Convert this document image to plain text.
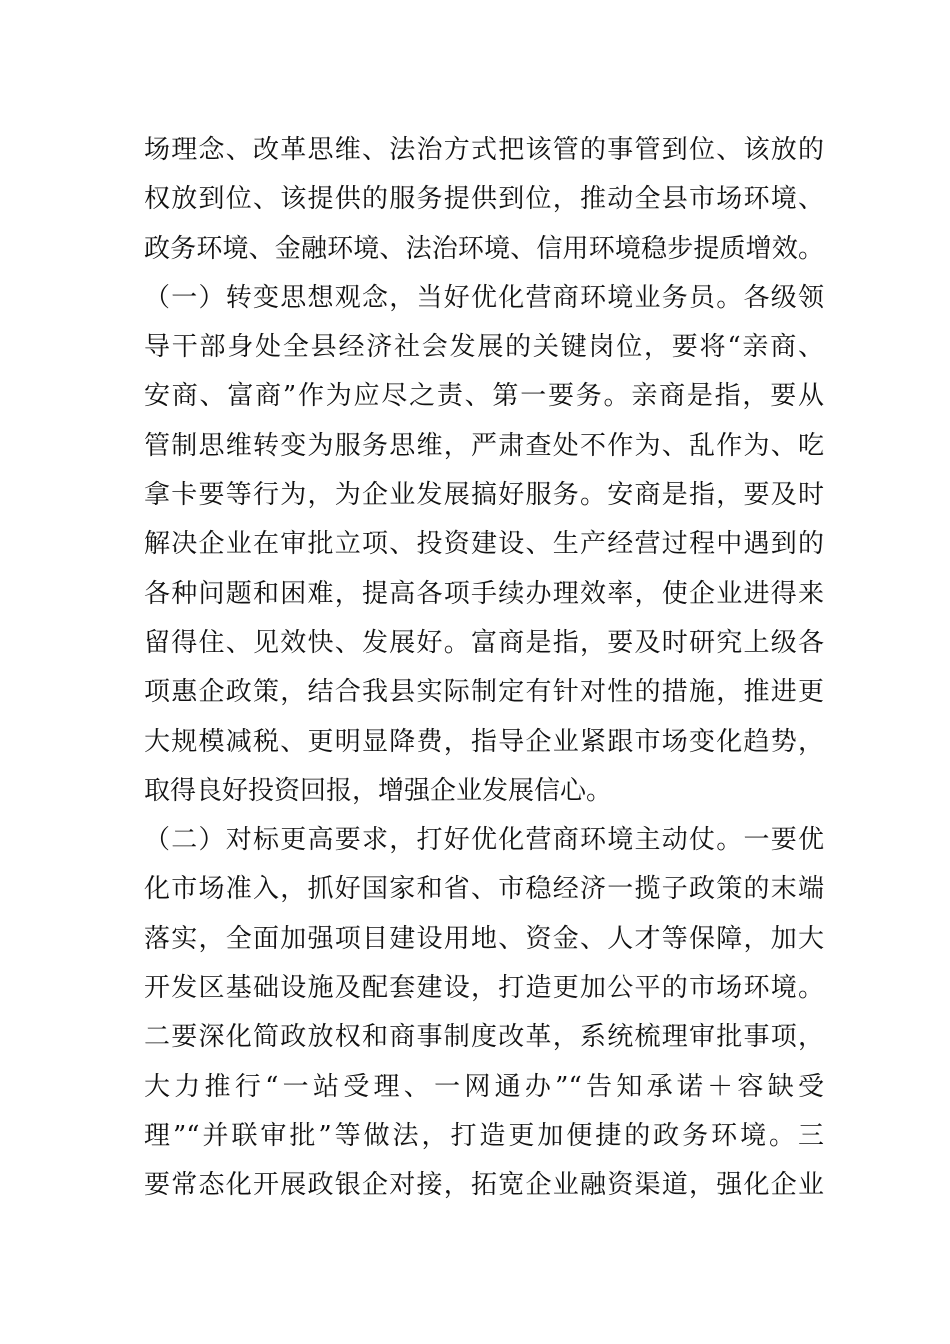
场理念、改革思维、法治方式把该管的事管到位、该放的
权放到位、该提供的服务提供到位，推动全县市场环境、
政务环境、金融环境、法治环境、信用环境稳步提质增效。
（一）转变思想观念，当好优化营商环境业务员。各级领
导干部身处全县经济社会发展的关键岗位，要将“亲商、
安商、富商”作为应尽之责、第一要务。亲商是指，要从
管制思维转变为服务思维，严肃查处不作为、乱作为、吃
拿卡要等行为，为企业发展搞好服务。安商是指，要及时
解决企业在审批立项、投资建设、生产经营过程中遇到的
各种问题和困难，提高各项手续办理效率，使企业进得来
留得住、见效快、发展好。富商是指，要及时研究上级各
项惠企政策，结合我县实际制定有针对性的措施，推进更
大规模减税、更明显降费，指导企业紧跟市场变化趋势，
取得良好投资回报，增强企业发展信心。
（二）对标更高要求，打好优化营商环境主动仗。一要优
化市场准入，抓好国家和省、市稳经济一揽子政策的末端
落实，全面加强项目建设用地、资金、人才等保障，加大
开发区基础设施及配套建设，打造更加公平的市场环境。
二要深化简政放权和商事制度改革，系统梳理审批事项，
大力推行“一站受理、一网通办”“告知承诺＋容缺受
理”“并联审批”等做法，打造更加便捷的政务环境。三
要常态化开展政银企对接，拓宽企业融资渠道，强化企业
